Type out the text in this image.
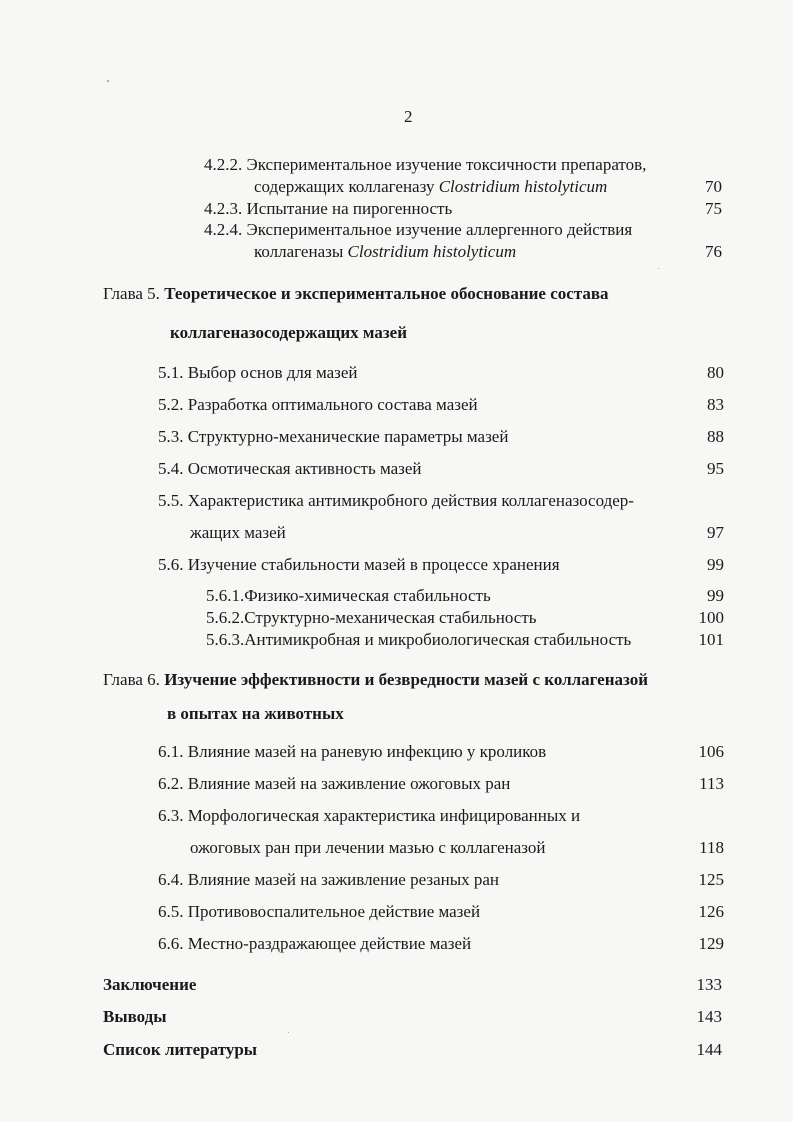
2
4.2.2. Экспериментальное изучение токсичности препаратов,
содержащих коллагеназу Clostridium histolyticum	70
4.2.3. Испытание на пирогенность	75
4.2.4. Экспериментальное изучение аллергенного действия
коллагеназы Clostridium histolyticum	76
Глава 5. Теоретическое и экспериментальное обоснование состава
коллагеназосодержащих мазей
5.1. Выбор основ для мазей	80
5.2. Разработка оптимального состава мазей	83
5.3. Структурно-механические параметры мазей	88
5.4. Осмотическая активность мазей	95
5.5. Характеристика антимикробного действия коллагеназосодер-
жащих мазей	97
5.6. Изучение стабильности мазей в процессе хранения	99
5.6.1.Физико-химическая стабильность	99
5.6.2.Структурно-механическая стабильность	100
5.6.3.Антимикробная и микробиологическая стабильность	101
Глава 6. Изучение эффективности и безвредности мазей с коллагеназой
в опытах на животных
6.1. Влияние мазей на раневую инфекцию у кроликов	106
6.2. Влияние мазей на заживление ожоговых ран	113
6.3. Морфологическая характеристика инфицированных и
ожоговых ран при лечении мазью с коллагеназой	118
6.4. Влияние мазей на заживление резаных ран	125
6.5. Противовоспалительное действие мазей	126
6.6. Местно-раздражающее действие мазей	129
Заключение	133
Выводы	143
Список литературы	144
